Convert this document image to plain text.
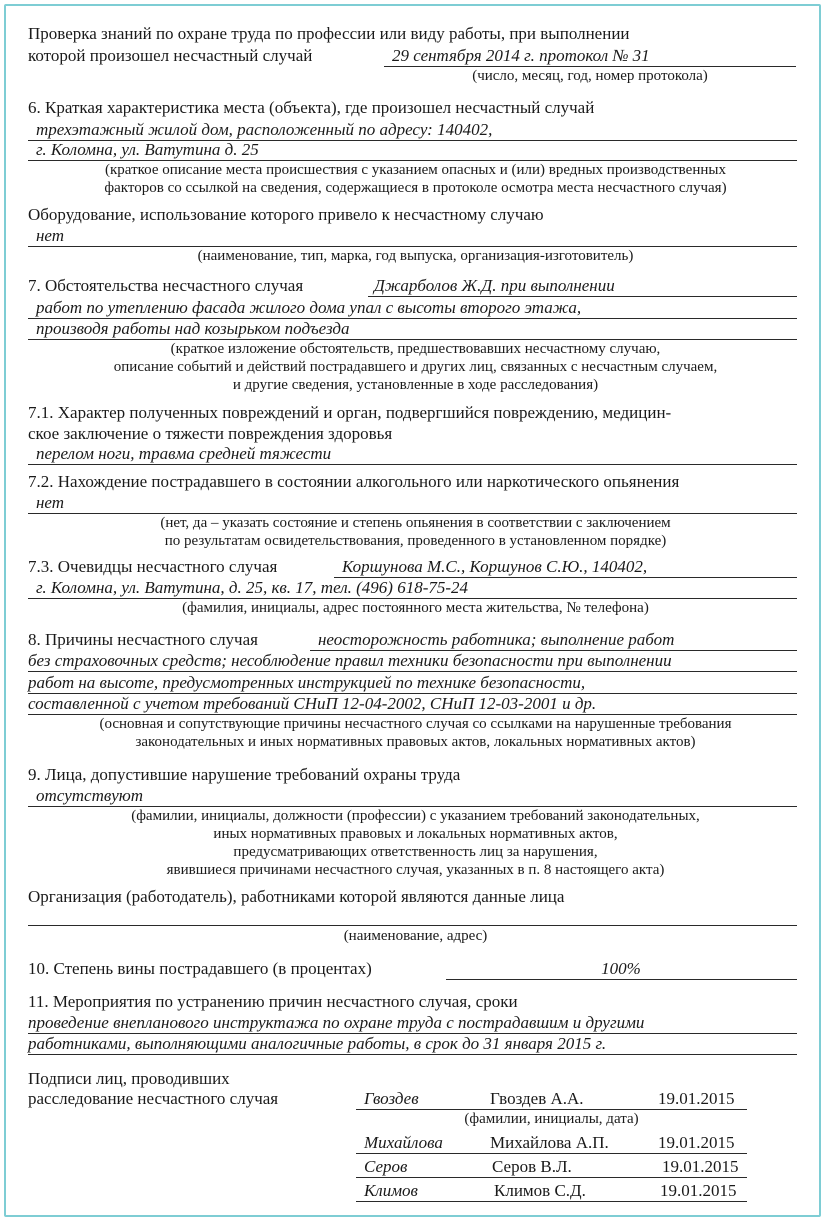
Проверка знаний по охране труда по профессии или виду работы, при выполнении
которой произошел несчастный случай	29 сентября 2014 г. протокол № 31
(число, месяц, год, номер протокола)
6. Краткая характеристика места (объекта), где произошел несчастный случай
трехэтажный жилой дом, расположенный по адресу: 140402,
г. Коломна, ул. Ватутина д. 25
(краткое описание места происшествия с указанием опасных и (или) вредных производственных
факторов со ссылкой на сведения, содержащиеся в протоколе осмотра места несчастного случая)
Оборудование, использование которого привело к несчастному случаю
нет
(наименование, тип, марка, год выпуска, организация-изготовитель)
7. Обстоятельства несчастного случая	Джарболов Ж.Д. при выполнении
работ по утеплению фасада жилого дома упал с высоты второго этажа,
производя работы над козырьком подъезда
(краткое изложение обстоятельств, предшествовавших несчастному случаю,
описание событий и действий пострадавшего и других лиц, связанных с несчастным случаем,
и другие сведения, установленные в ходе расследования)
7.1. Характер полученных повреждений и орган, подвергшийся повреждению, медицин-
ское заключение о тяжести повреждения здоровья
перелом ноги, травма средней тяжести
7.2. Нахождение пострадавшего в состоянии алкогольного или наркотического опьянения
нет
(нет, да – указать состояние и степень опьянения в соответствии с заключением
по результатам освидетельствования, проведенного в установленном порядке)
7.3. Очевидцы несчастного случая	Коршунова М.С., Коршунов С.Ю., 140402,
г. Коломна, ул. Ватутина, д. 25, кв. 17, тел. (496) 618-75-24
(фамилия, инициалы, адрес постоянного места жительства, № телефона)
8. Причины несчастного случая	неосторожность работника; выполнение работ
без страховочных средств; несоблюдение правил техники безопасности при выполнении
работ на высоте, предусмотренных инструкцией по технике безопасности,
составленной с учетом требований СНиП 12-04-2002, СНиП 12-03-2001 и др.
(основная и сопутствующие причины несчастного случая со ссылками на нарушенные требования
законодательных и иных нормативных правовых актов, локальных нормативных актов)
9. Лица, допустившие нарушение требований охраны труда
отсутствуют
(фамилии, инициалы, должности (профессии) с указанием требований законодательных,
иных нормативных правовых и локальных нормативных актов,
предусматривающих ответственность лиц за нарушения,
явившиеся причинами несчастного случая, указанных в п. 8 настоящего акта)
Организация (работодатель), работниками которой являются данные лица
(наименование, адрес)
10. Степень вины пострадавшего (в процентах)	100%
11. Мероприятия по устранению причин несчастного случая, сроки
проведение внепланового инструктажа по охране труда с пострадавшим и другими
работниками, выполняющими аналогичные работы, в срок до 31 января 2015 г.
Подписи лиц, проводивших
расследование несчастного случая	Гвоздев	Гвоздев А.А.	19.01.2015
(фамилии, инициалы, дата)
Михайлова	Михайлова А.П.	19.01.2015
Серов	Серов В.Л.	19.01.2015
Климов	Климов С.Д.	19.01.2015
